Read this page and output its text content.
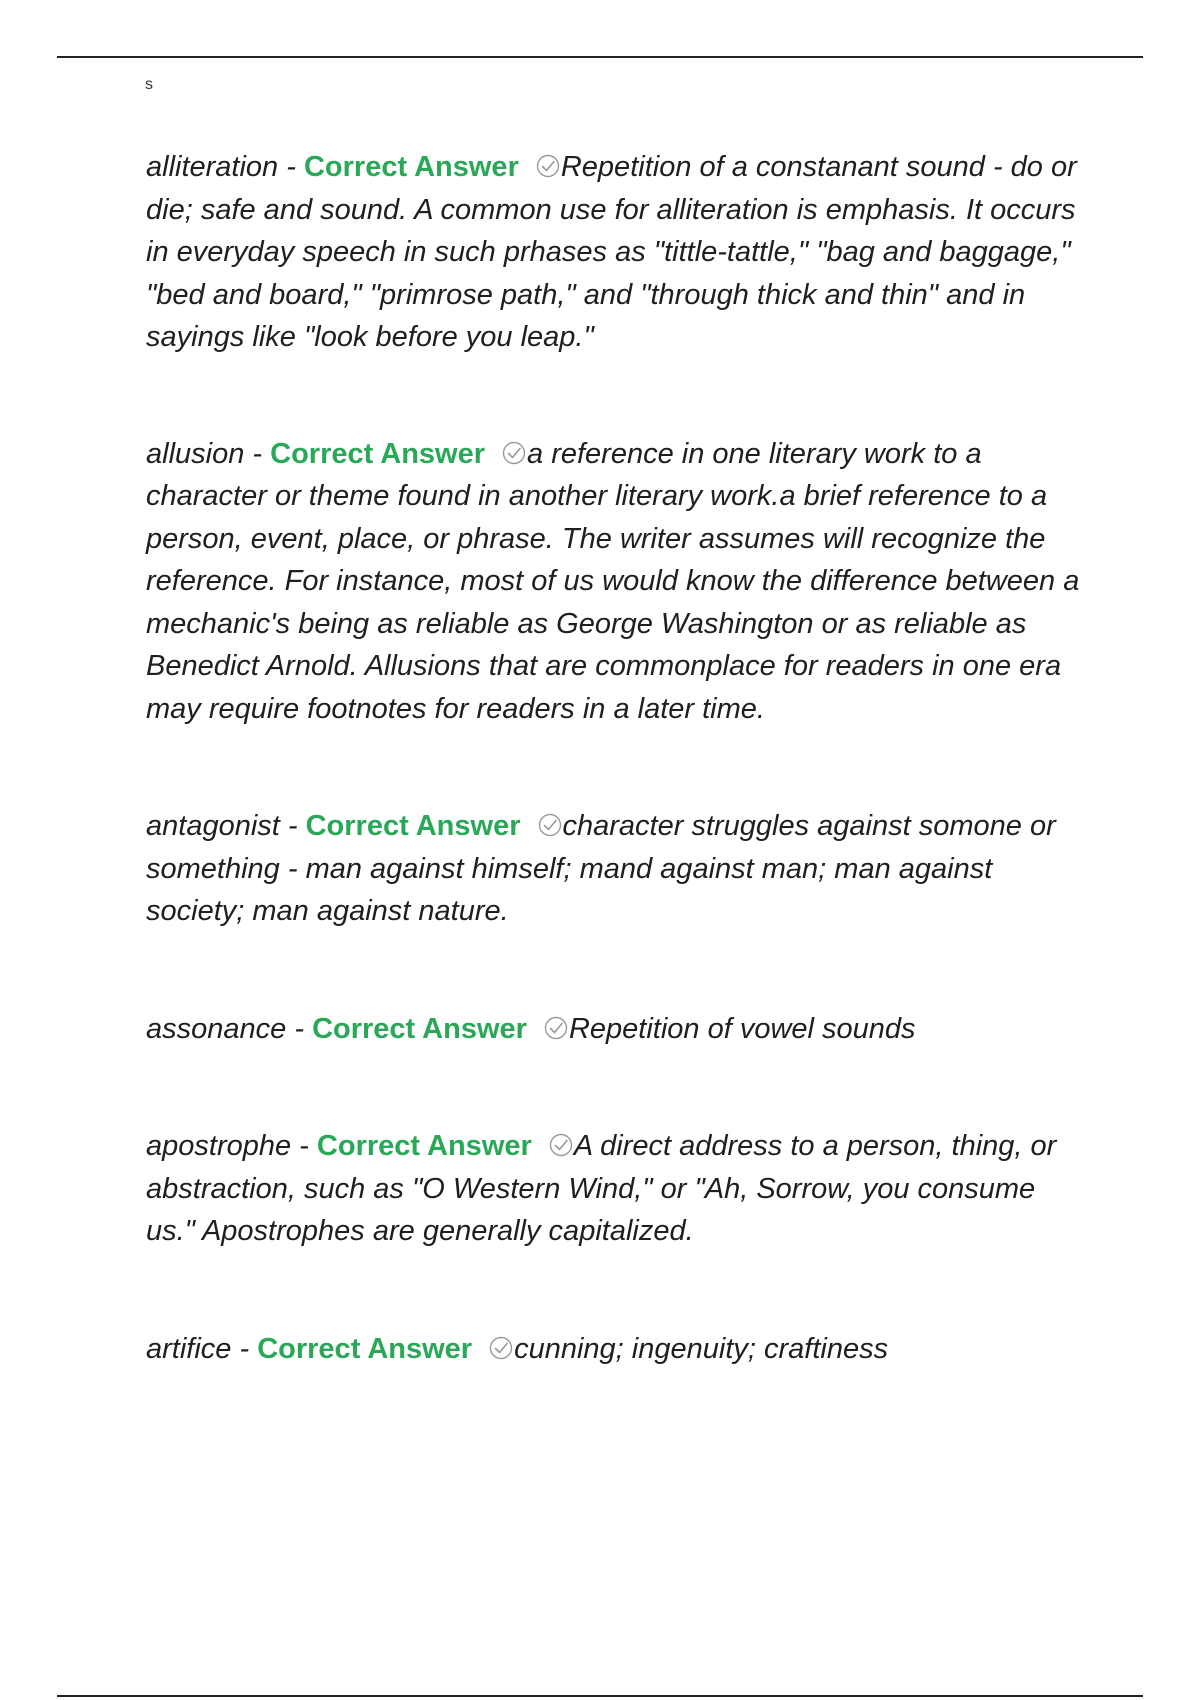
s

alliteration - Correct Answer Repetition of a constanant sound - do or die; safe and sound. A common use for alliteration is emphasis. It occurs in everyday speech in such prhases as "tittle-tattle," "bag and baggage," "bed and board," "primrose path," and "through thick and thin" and in sayings like "look before you leap."

allusion - Correct Answer a reference in one literary work to a character or theme found in another literary work.a brief reference to a person, event, place, or phrase. The writer assumes will recognize the reference. For instance, most of us would know the difference between a mechanic's being as reliable as George Washington or as reliable as Benedict Arnold. Allusions that are commonplace for readers in one era may require footnotes for readers in a later time.

antagonist - Correct Answer character struggles against somone or something - man against himself; mand against man; man against society; man against nature.

assonance - Correct Answer Repetition of vowel sounds

apostrophe - Correct Answer A direct address to a person, thing, or abstraction, such as "O Western Wind," or "Ah, Sorrow, you consume us." Apostrophes are generally capitalized.

artifice - Correct Answer cunning; ingenuity; craftiness
